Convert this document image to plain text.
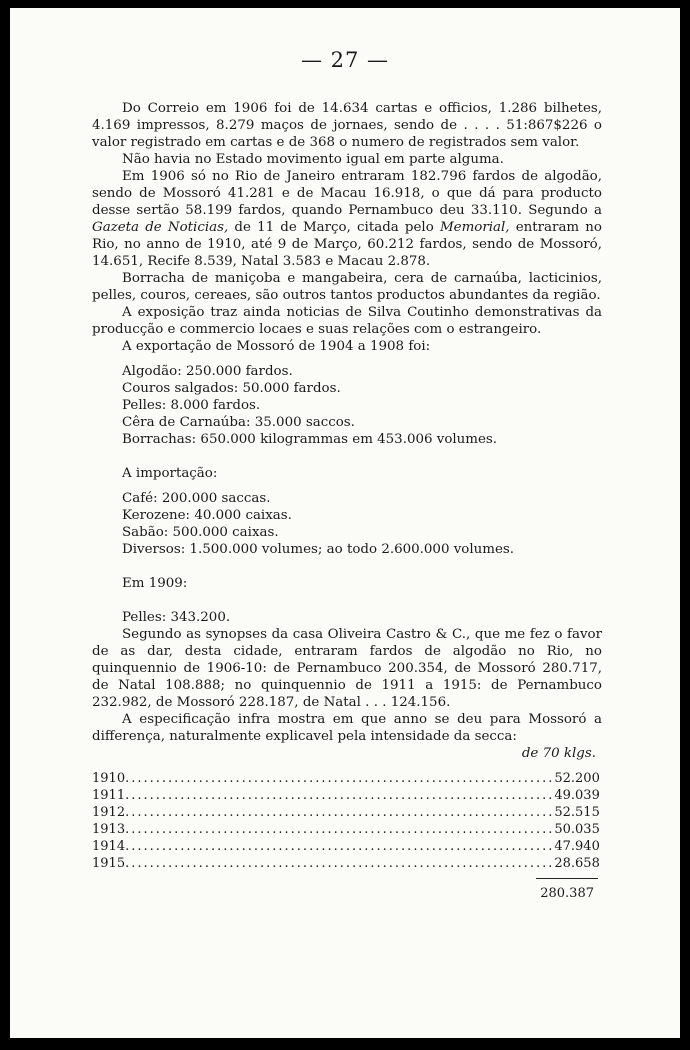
— 27 —

Do Correio em 1906 foi de 14.634 cartas e officios, 1.286 bilhetes, 4.169 impressos, 8.279 maços de jornaes, sendo de . . . . 51:867$226 o valor registrado em cartas e de 368 o numero de registrados sem valor.

Não havia no Estado movimento igual em parte alguma.

Em 1906 só no Rio de Janeiro entraram 182.796 fardos de algodão, sendo de Mossoró 41.281 e de Macau 16.918, o que dá para producto desse sertão 58.199 fardos, quando Pernambuco deu 33.110. Segundo a Gazeta de Noticias, de 11 de Março, citada pelo Memorial, entraram no Rio, no anno de 1910, até 9 de Março, 60.212 fardos, sendo de Mossoró, 14.651, Recife 8.539, Natal 3.583 e Macau 2.878.

Borracha de maniçoba e mangabeira, cera de carnaúba, lacticinios, pelles, couros, cereaes, são outros tantos productos abundantes da região.

A exposição traz ainda noticias de Silva Coutinho demonstrativas da producção e commercio locaes e suas relações com o estrangeiro.

A exportação de Mossoró de 1904 a 1908 foi:

Algodão: 250.000 fardos.
Couros salgados: 50.000 fardos.
Pelles: 8.000 fardos.
Cêra de Carnaúba: 35.000 saccos.
Borrachas: 650.000 kilogrammas em 453.006 volumes.
A importação:
Café: 200.000 saccas.
Kerozene: 40.000 caixas.
Sabão: 500.000 caixas.
Diversos: 1.500.000 volumes; ao todo 2.600.000 volumes.
Em 1909:
Pelles: 343.200.

Segundo as synopses da casa Oliveira Castro & C., que me fez o favor de as dar, desta cidade, entraram fardos de algodão no Rio, no quinquennio de 1906-10: de Pernambuco 200.354, de Mossoró 280.717, de Natal 108.888; no quinquennio de 1911 a 1915: de Pernambuco 232.982, de Mossoró 228.187, de Natal . . . 124.156.

A especificação infra mostra em que anno se deu para Mossoró a differença, naturalmente explicavel pela intensidade da secca:

de 70 klgs.
1910......................................................................	52.200
1911......................................................................	49.039
1912......................................................................	52.515
1913......................................................................	50.035
1914......................................................................	47.940
1915......................................................................	28.658
280.387
